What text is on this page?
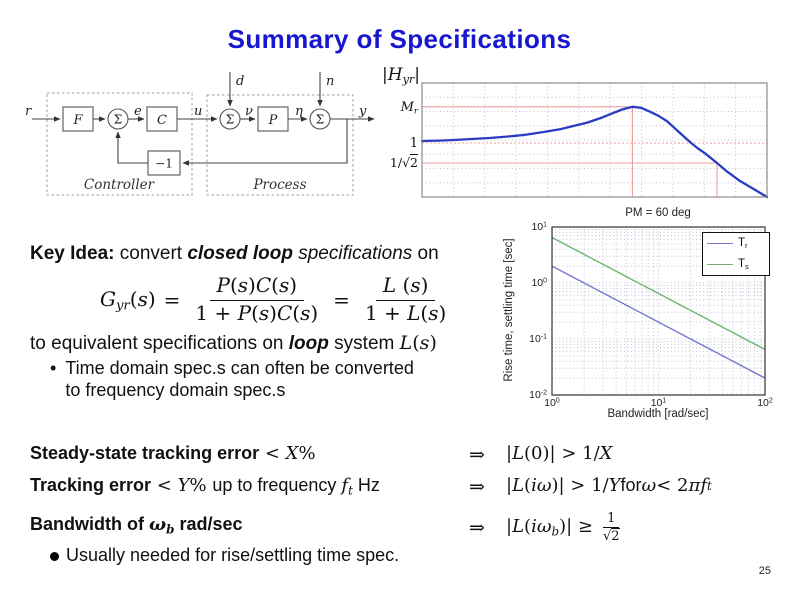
Summary of Specifications
r	e	u
d
ν	η
n
y
F	C	P
−1
Σ	Σ	Σ
Controller	Process
|Hyr|
Mr
1
1/√2
PM = 60 deg
Rise time, settling time [sec]
Bandwidth [rad/sec]
$10^1$
$10^0$
$10^{-1}$
$10^{-2}$
$10^0$	$10^1$	$10^2$
Tr
Ts
Key Idea: convert closed loop specifications on
$Gyr(s) = \frac{P(s)C(s)}{1 + P(s)C(s)} = \frac{L (s)}{1 + L(s)}$
to equivalent specifications on loop system L(s)
• Time domain spec.s can often be converted
to frequency domain spec.s
Steady-state tracking error < X%	⇒ | L (0)| > 1/ X
Tracking error < Y% up to frequency ft Hz	⇒ | L ( iω )| > 1/ Y for ω < 2 πf t
Bandwidth of ωb rad/sec	⇒ $|L(i\omega b)| \ge \frac{1}{√2}$
Usually needed for rise/settling time spec.
25
